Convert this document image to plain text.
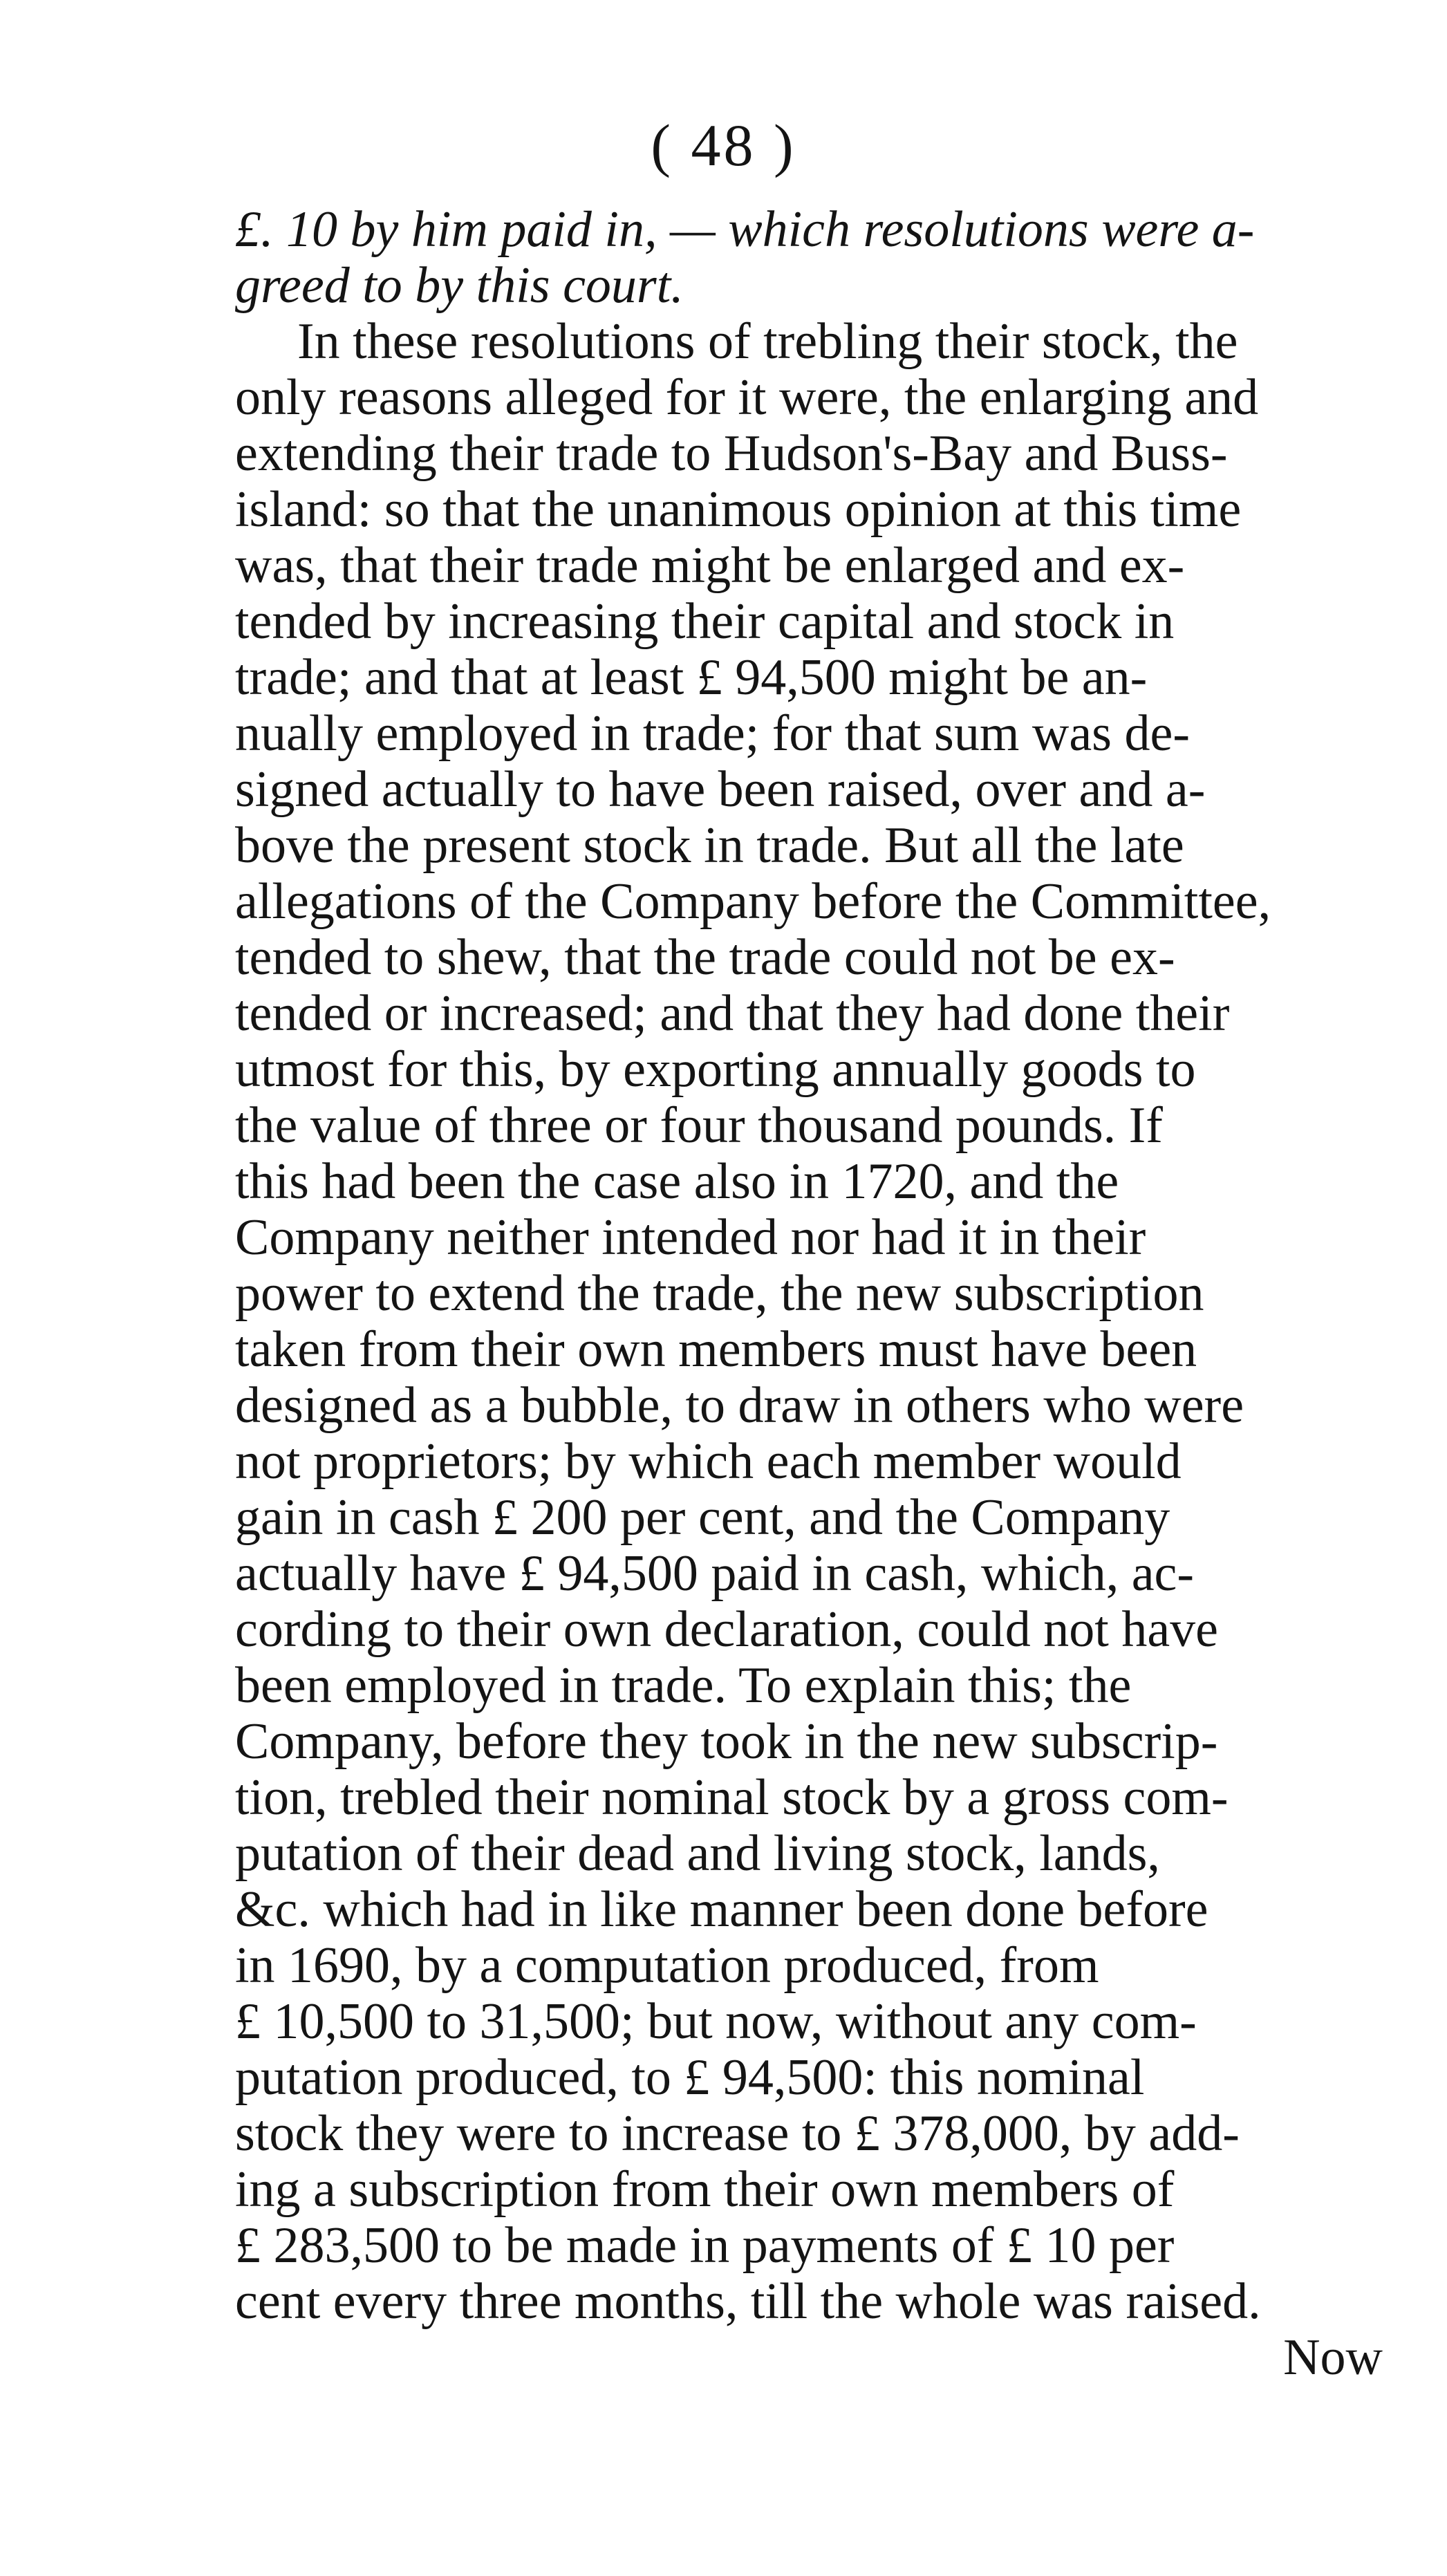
( 48 )
£. 10 by him paid in, — which resolutions were a-
greed to by this court.
In these resolutions of trebling their stock, the
only reasons alleged for it were, the enlarging and
extending their trade to Hudson's-Bay and Buss-
island: so that the unanimous opinion at this time
was, that their trade might be enlarged and ex-
tended by increasing their capital and stock in
trade; and that at least £ 94,500 might be an-
nually employed in trade; for that sum was de-
signed actually to have been raised, over and a-
bove the present stock in trade. But all the late
allegations of the Company before the Committee,
tended to shew, that the trade could not be ex-
tended or increased; and that they had done their
utmost for this, by exporting annually goods to
the value of three or four thousand pounds. If
this had been the case also in 1720, and the
Company neither intended nor had it in their
power to extend the trade, the new subscription
taken from their own members must have been
designed as a bubble, to draw in others who were
not proprietors; by which each member would
gain in cash £ 200 per cent, and the Company
actually have £ 94,500 paid in cash, which, ac-
cording to their own declaration, could not have
been employed in trade. To explain this; the
Company, before they took in the new subscrip-
tion, trebled their nominal stock by a gross com-
putation of their dead and living stock, lands,
&c. which had in like manner been done before
in 1690, by a computation produced, from
£ 10,500 to 31,500; but now, without any com-
putation produced, to £ 94,500: this nominal
stock they were to increase to £ 378,000, by add-
ing a subscription from their own members of
£ 283,500 to be made in payments of £ 10 per
cent every three months, till the whole was raised.
Now
